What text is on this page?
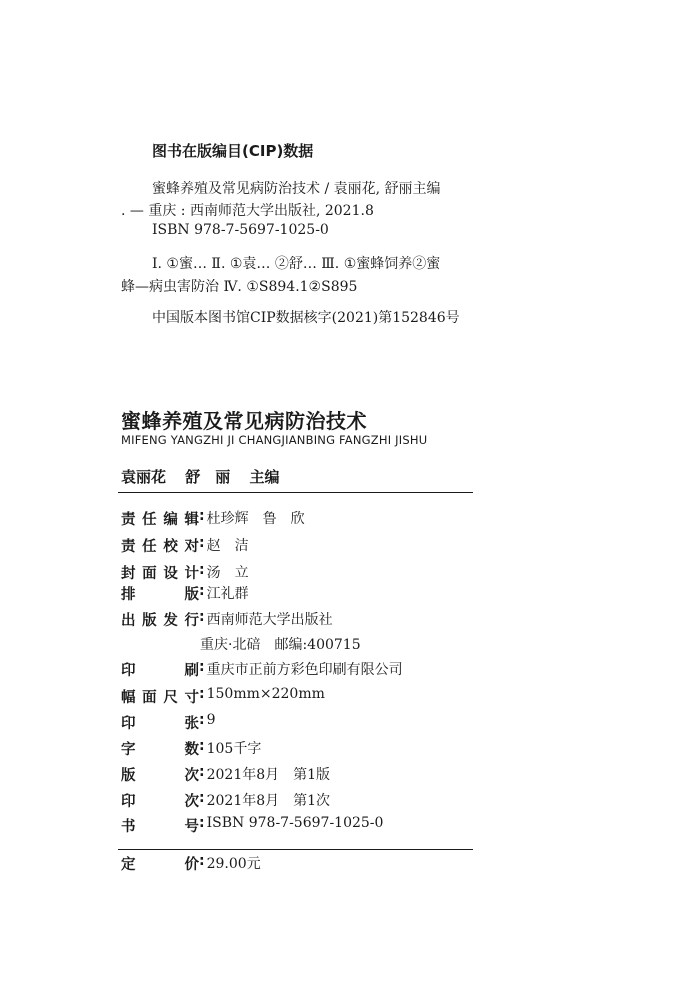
图书在版编目(CIP)数据
蜜蜂养殖及常见病防治技术 / 袁丽花, 舒丽主编
. — 重庆 : 西南师范大学出版社, 2021.8
ISBN 978-7-5697-1025-0
Ⅰ. ①蜜… Ⅱ. ①袁… ②舒… Ⅲ. ①蜜蜂饲养②蜜
蜂—病虫害防治 Ⅳ. ①S894.1②S895
中国版本图书馆CIP数据核字(2021)第152846号
蜜蜂养殖及常见病防治技术
MIFENG YANGZHI JI CHANGJIANBING FANGZHI JISHU
袁丽花 舒　丽 主编
责任编辑: 杜珍辉　鲁　欣
责任校对: 赵　洁
封面设计: 汤　立
排版: 江礼群
出版发行: 西南师范大学出版社
重庆·北碚　邮编:400715
印刷: 重庆市正前方彩色印刷有限公司
幅面尺寸: 150mm×220mm
印张: 9
字数: 105千字
版次: 2021年8月　第1版
印次: 2021年8月　第1次
书号: ISBN 978-7-5697-1025-0
定价: 29.00元
